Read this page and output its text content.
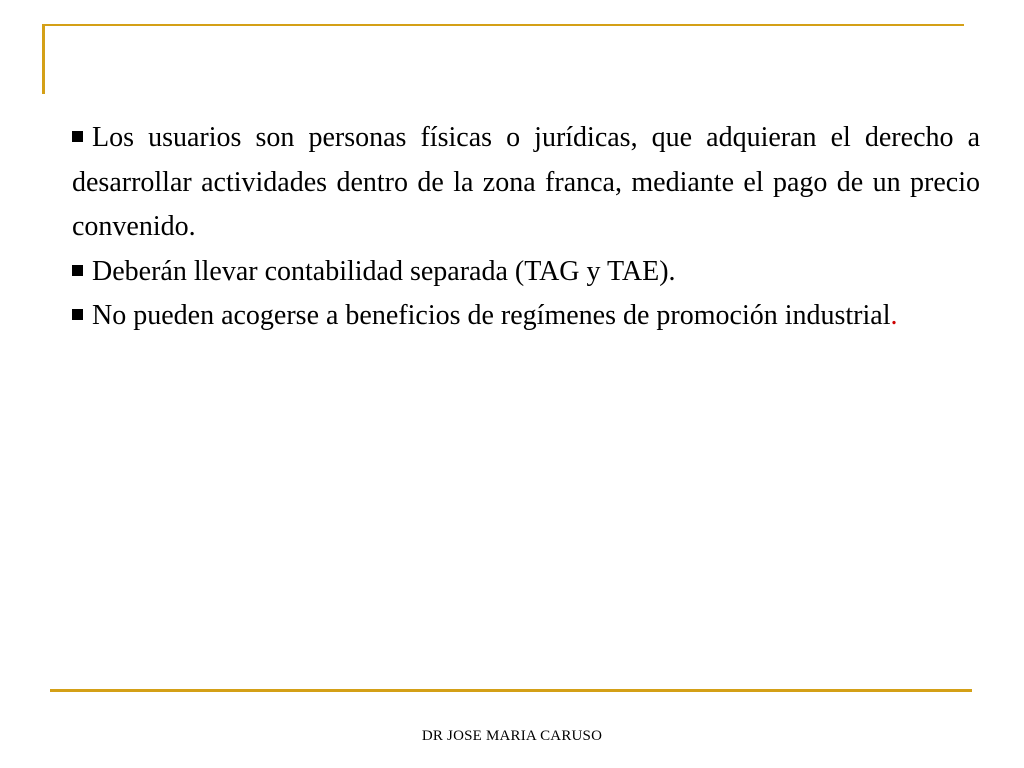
Los usuarios son personas físicas o jurídicas, que adquieran el derecho a desarrollar actividades dentro de la zona franca, mediante el pago de un precio convenido.

Deberán llevar contabilidad separada (TAG y TAE).

No pueden acogerse a beneficios de regímenes de promoción industrial.

DR JOSE MARIA CARUSO
